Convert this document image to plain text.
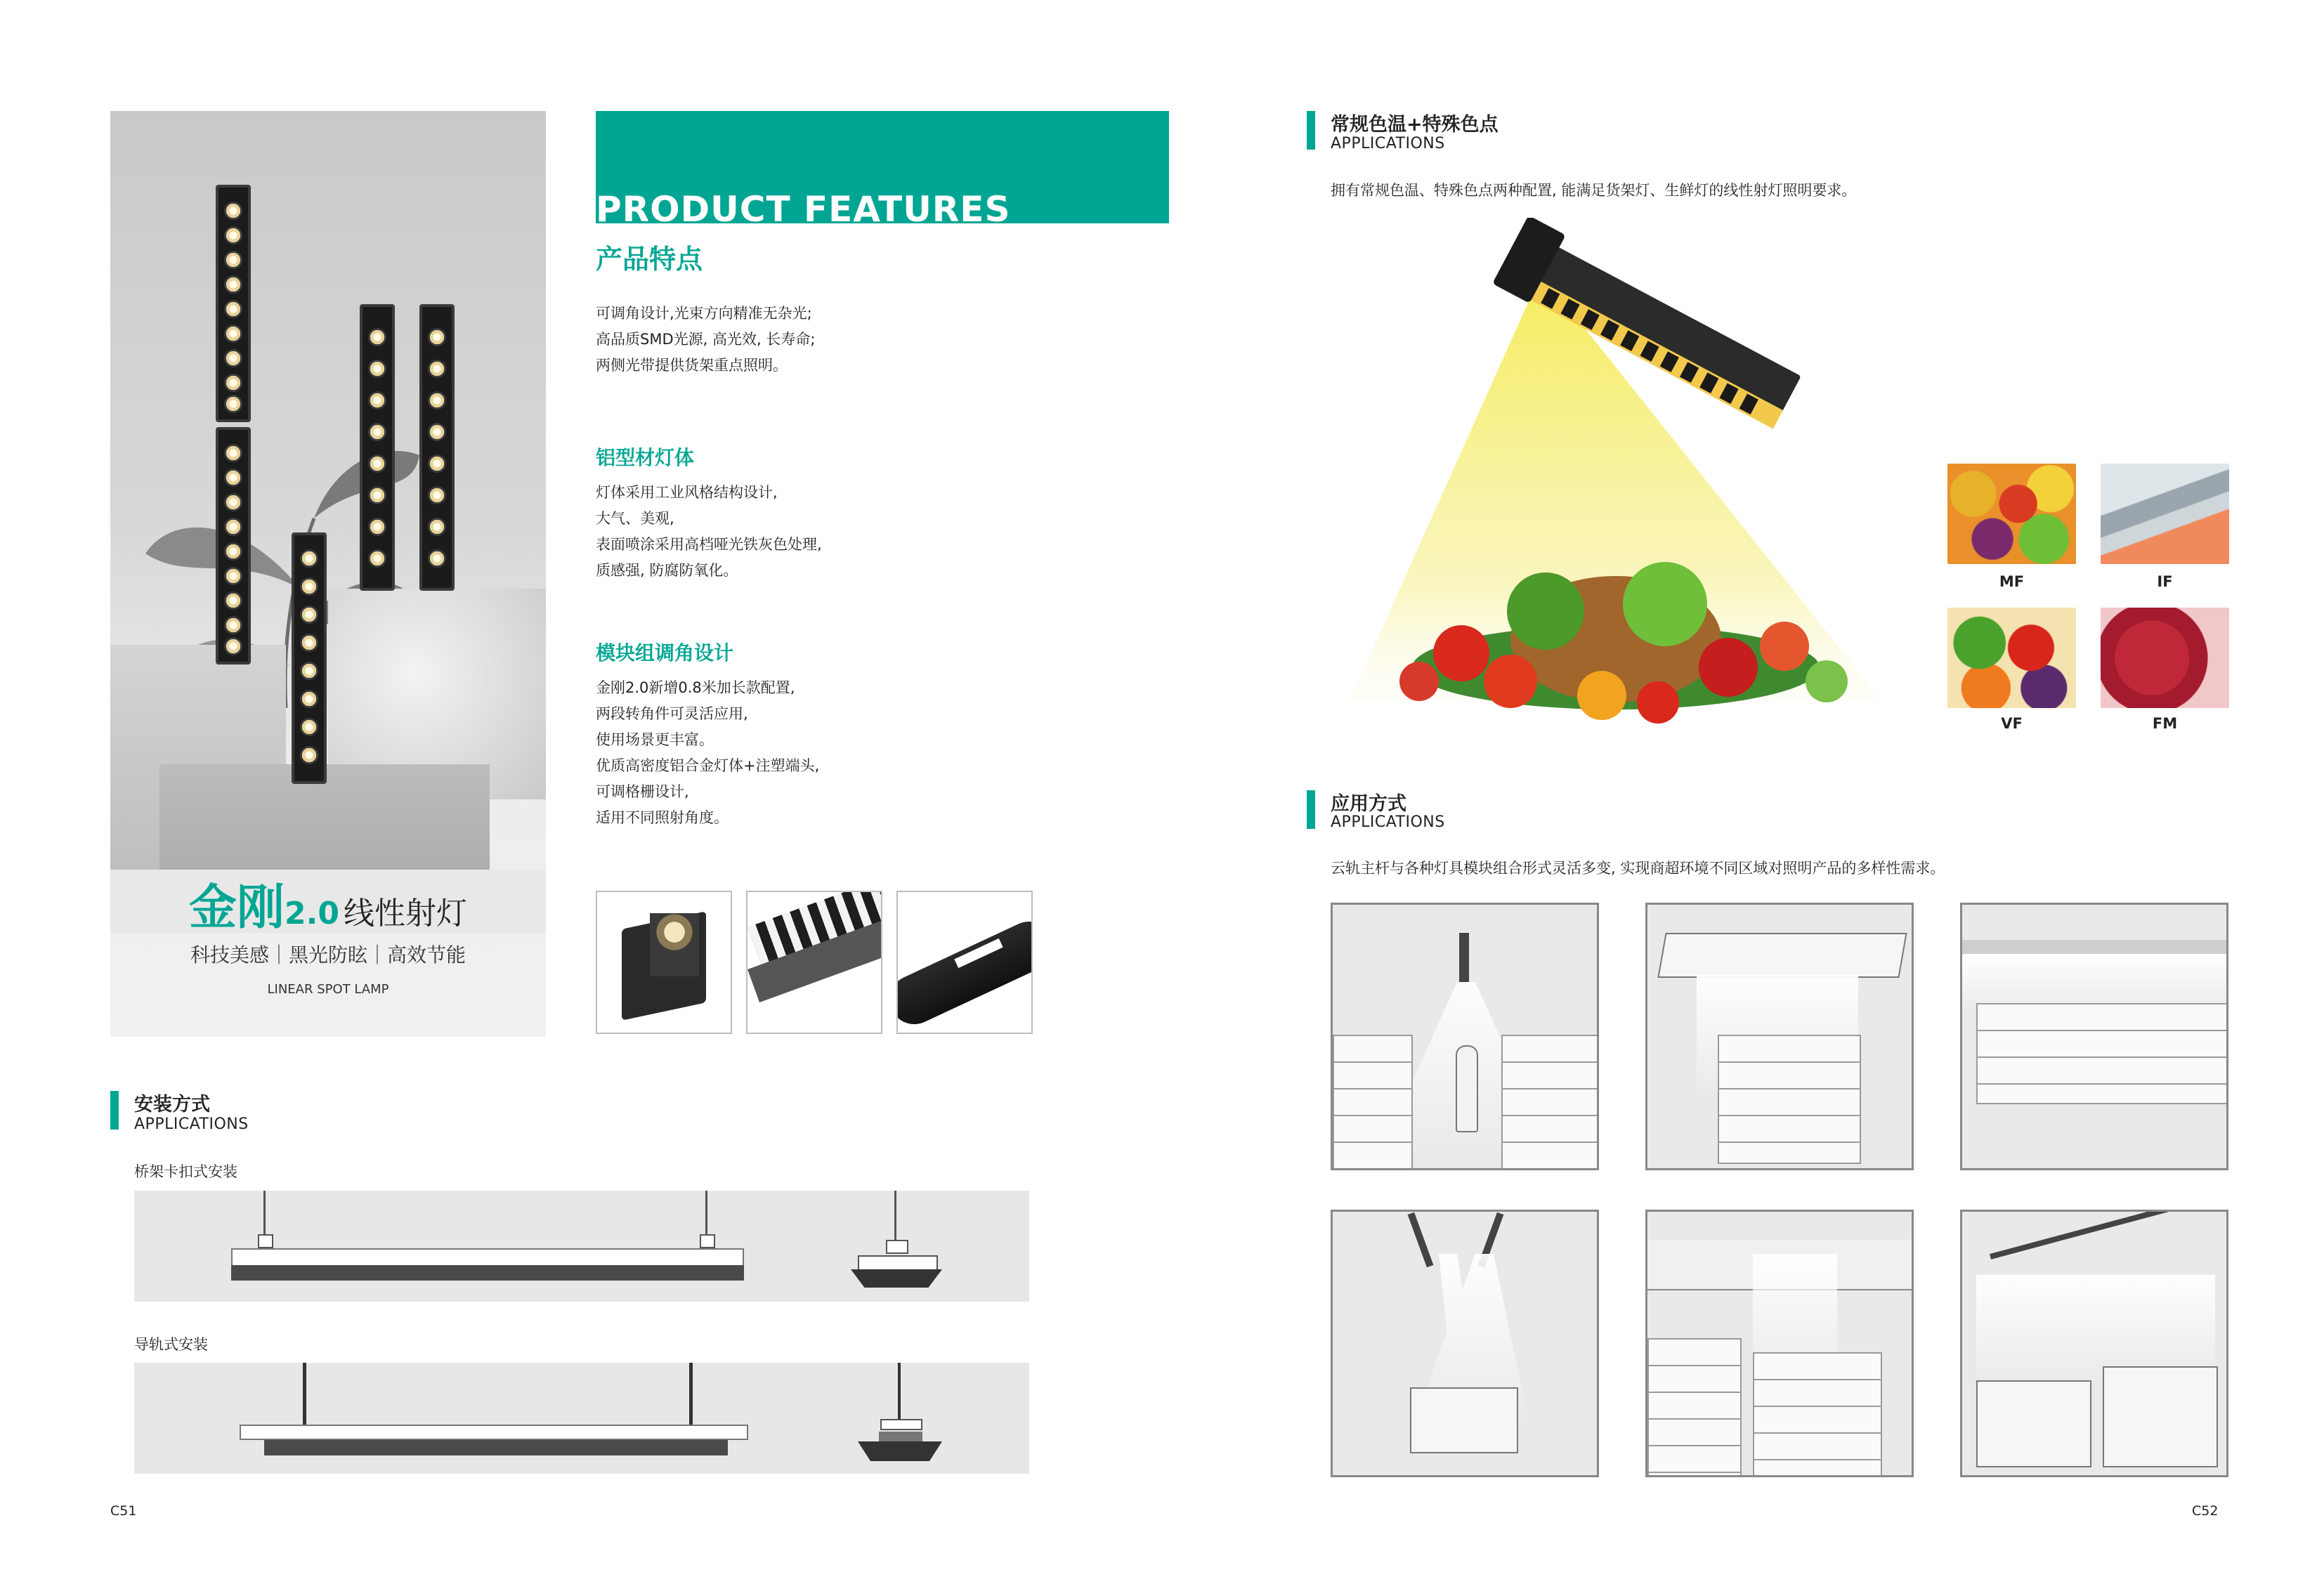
金刚2.0 线性射灯
科技美感｜黑光防眩｜高效节能
LINEAR SPOT LAMP
PRODUCT FEATURES
产品特点
可调角设计,光束方向精准无杂光;
高品质SMD光源, 高光效, 长寿命;
两侧光带提供货架重点照明。
铝型材灯体
灯体采用工业风格结构设计,
大气、美观,
表面喷涂采用高档哑光铁灰色处理,
质感强, 防腐防氧化。
模块组调角设计
金刚2.0新增0.8米加长款配置,
两段转角件可灵活应用,
使用场景更丰富。
优质高密度铝合金灯体+注塑端头,
可调格栅设计,
适用不同照射角度。
安装方式
APPLICATIONS
桥架卡扣式安装
导轨式安装
C51
常规色温+特殊色点
APPLICATIONS
拥有常规色温、特殊色点两种配置, 能满足货架灯、生鲜灯的线性射灯照明要求。
MF	IF
VF	FM
应用方式
APPLICATIONS
云轨主杆与各种灯具模块组合形式灵活多变, 实现商超环境不同区域对照明产品的多样性需求。
C52
